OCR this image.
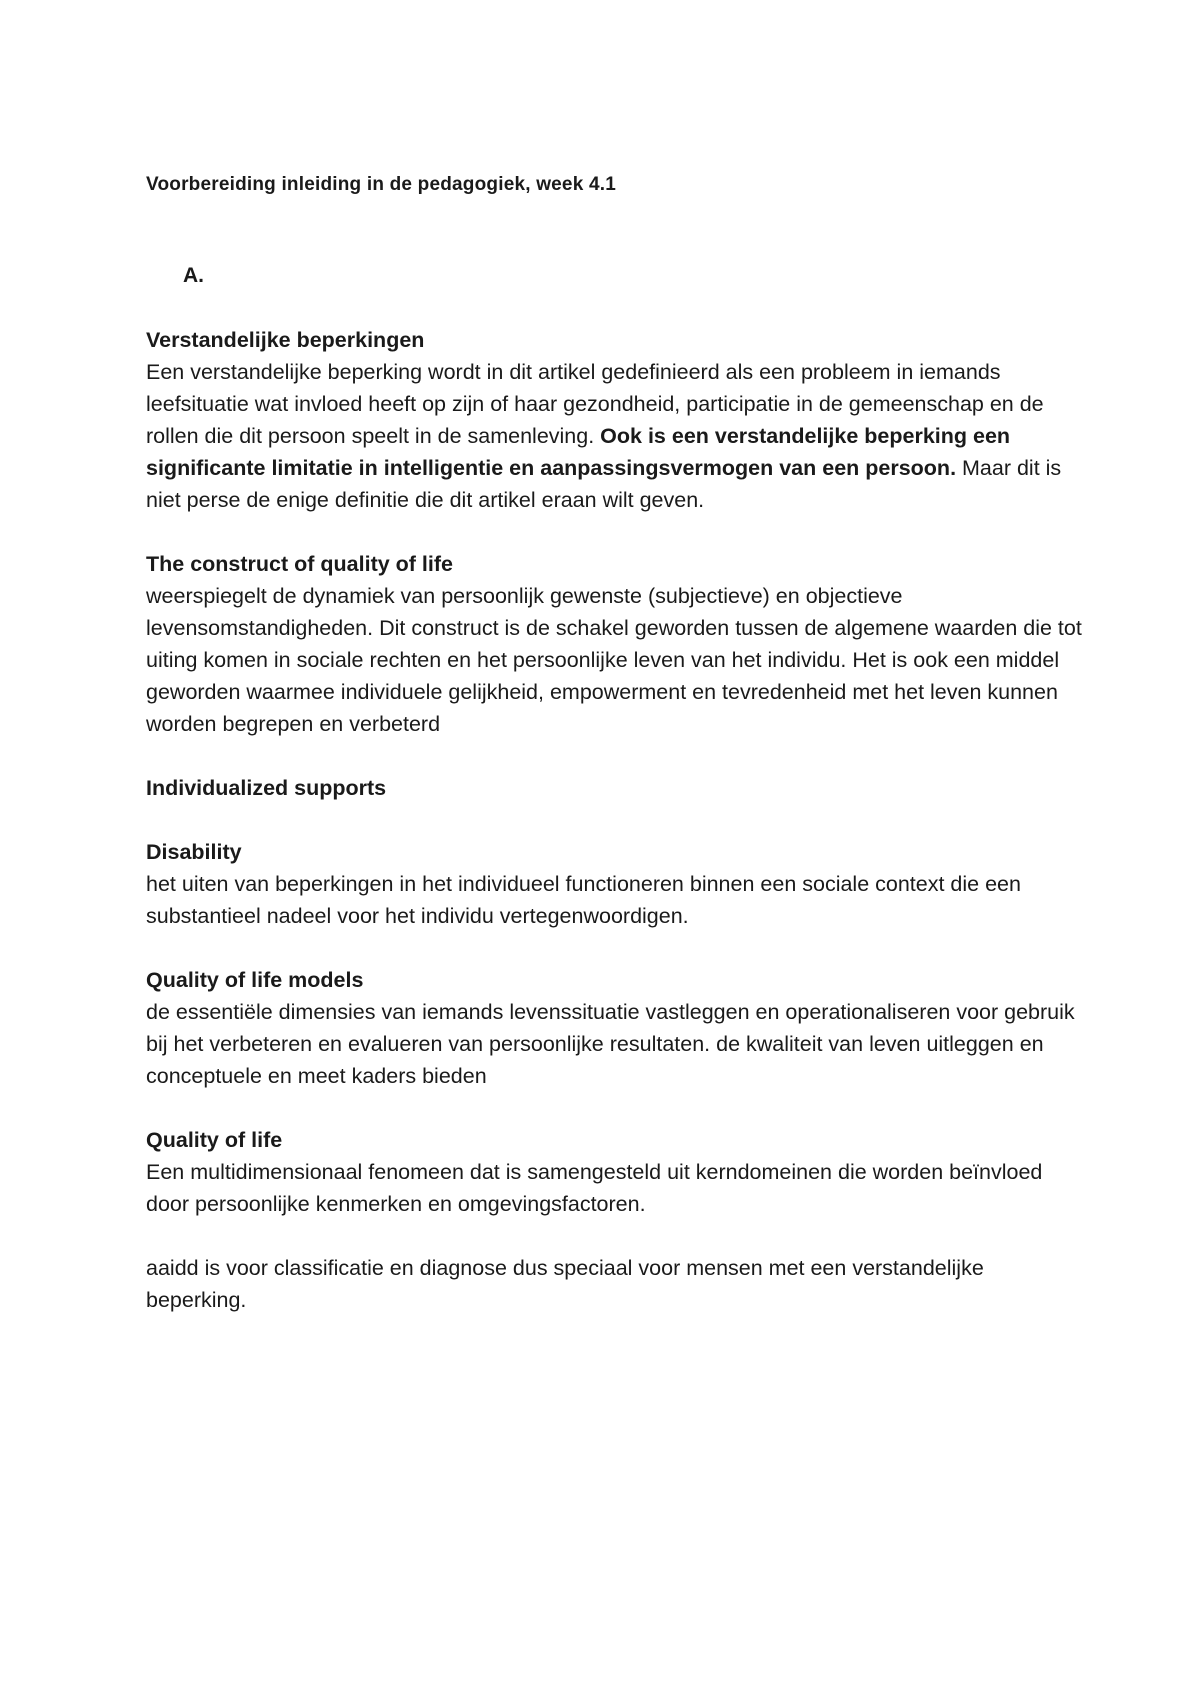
Voorbereiding inleiding in de pedagogiek, week 4.1
A.
Verstandelijke beperkingen

Een verstandelijke beperking wordt in dit artikel gedefinieerd als een probleem in iemands leefsituatie wat invloed heeft op zijn of haar gezondheid, participatie in de gemeenschap en de rollen die dit persoon speelt in de samenleving. Ook is een verstandelijke beperking een significante limitatie in intelligentie en aanpassingsvermogen van een persoon. Maar dit is niet perse de enige definitie die dit artikel eraan wilt geven.

The construct of quality of life

weerspiegelt de dynamiek van persoonlijk gewenste (subjectieve) en objectieve levensomstandigheden. Dit construct is de schakel geworden tussen de algemene waarden die tot uiting komen in sociale rechten en het persoonlijke leven van het individu. Het is ook een middel geworden waarmee individuele gelijkheid, empowerment en tevredenheid met het leven kunnen worden begrepen en verbeterd

Individualized supports
Disability

het uiten van beperkingen in het individueel functioneren binnen een sociale context die een substantieel nadeel voor het individu vertegenwoordigen.

Quality of life models

de essentiële dimensies van iemands levenssituatie vastleggen en operationaliseren voor gebruik bij het verbeteren en evalueren van persoonlijke resultaten. de kwaliteit van leven uitleggen en conceptuele en meet kaders bieden

Quality of life

Een multidimensionaal fenomeen dat is samengesteld uit kerndomeinen die worden beïnvloed door persoonlijke kenmerken en omgevingsfactoren.

aaidd is voor classificatie en diagnose dus speciaal voor mensen met een verstandelijke beperking.
